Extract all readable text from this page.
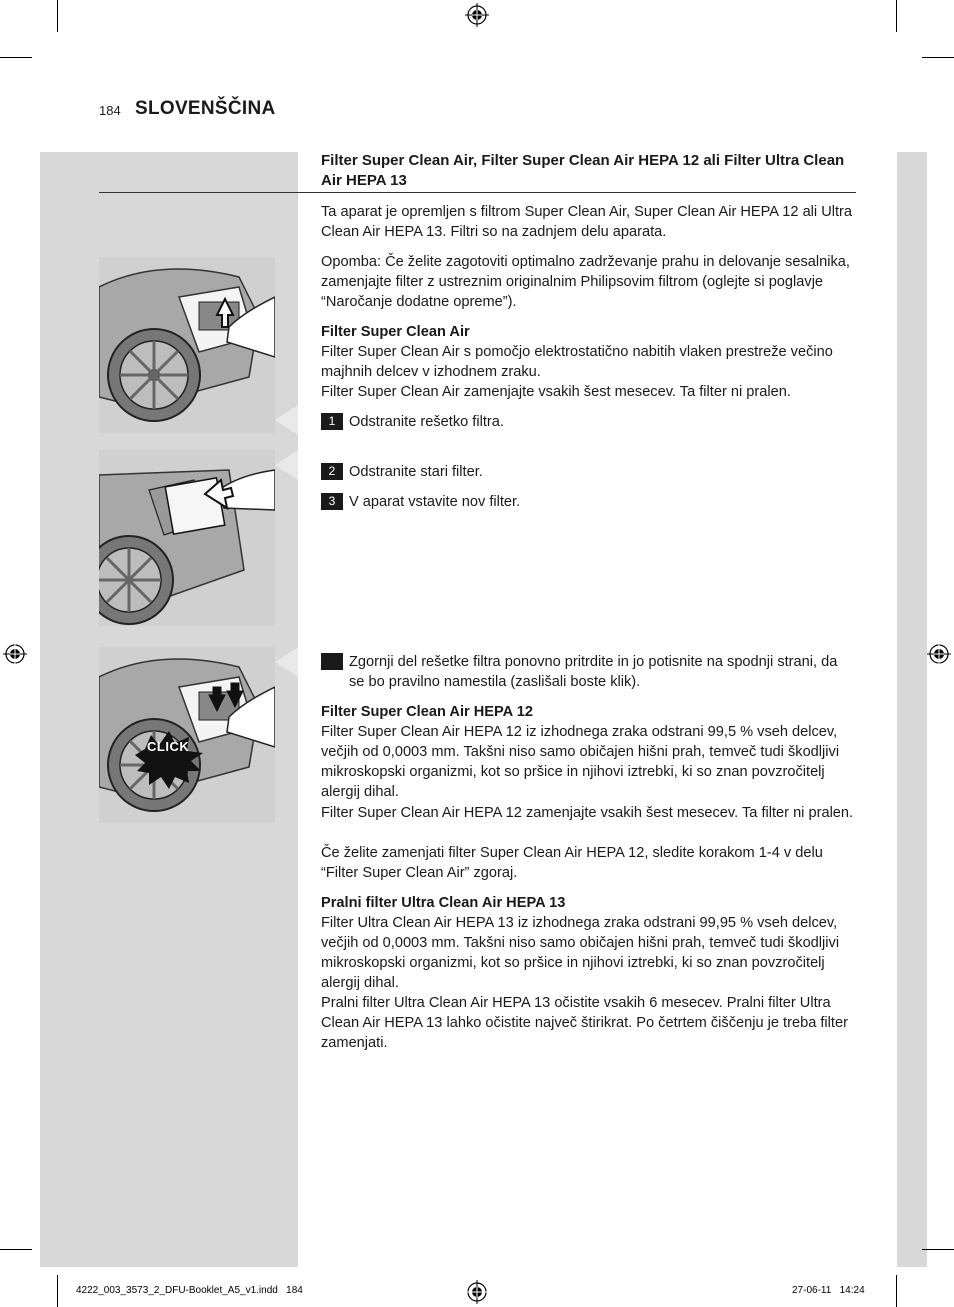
184 SLOVENŠČINA
Filter Super Clean Air, Filter Super Clean Air HEPA 12 ali Filter Ultra Clean Air HEPA 13
Ta aparat je opremljen s filtrom Super Clean Air, Super Clean Air HEPA 12 ali Ultra Clean Air HEPA 13. Filtri so na zadnjem delu aparata.
Opomba: Če želite zagotoviti optimalno zadrževanje prahu in delovanje sesalnika, zamenjajte filter z ustreznim originalnim Philipsovim filtrom (oglejte si poglavje “Naročanje dodatne opreme”).
Filter Super Clean Air
Filter Super Clean Air s pomočjo elektrostatično nabitih vlaken prestreže večino majhnih delcev v izhodnem zraku.
Filter Super Clean Air zamenjajte vsakih šest mesecev. Ta filter ni pralen.
1 Odstranite rešetko filtra.
2 Odstranite stari filter.
3 V aparat vstavite nov filter.
4 Zgornji del rešetke filtra ponovno pritrdite in jo potisnite na spodnji strani, da se bo pravilno namestila (zaslišali boste klik).
Filter Super Clean Air HEPA 12
Filter Super Clean Air HEPA 12 iz izhodnega zraka odstrani 99,5 % vseh delcev, večjih od 0,0003 mm. Takšni niso samo običajen hišni prah, temveč tudi škodljivi mikroskopski organizmi, kot so pršice in njihovi iztrebki, ki so znan povzročitelj alergij dihal.
Filter Super Clean Air HEPA 12 zamenjajte vsakih šest mesecev. Ta filter ni pralen.
Če želite zamenjati filter Super Clean Air HEPA 12, sledite korakom 1-4 v delu “Filter Super Clean Air” zgoraj.
Pralni filter Ultra Clean Air HEPA 13
Filter Ultra Clean Air HEPA 13 iz izhodnega zraka odstrani 99,95 % vseh delcev, večjih od 0,0003 mm. Takšni niso samo običajen hišni prah, temveč tudi škodljivi mikroskopski organizmi, kot so pršice in njihovi iztrebki, ki so znan povzročitelj alergij dihal.
Pralni filter Ultra Clean Air HEPA 13 očistite vsakih 6 mesecev. Pralni filter Ultra Clean Air HEPA 13 lahko očistite največ štirikrat. Po četrtem čiščenju je treba filter zamenjati.
CLICK
4222_003_3573_2_DFU-Booklet_A5_v1.indd   184	27-06-11   14:24
